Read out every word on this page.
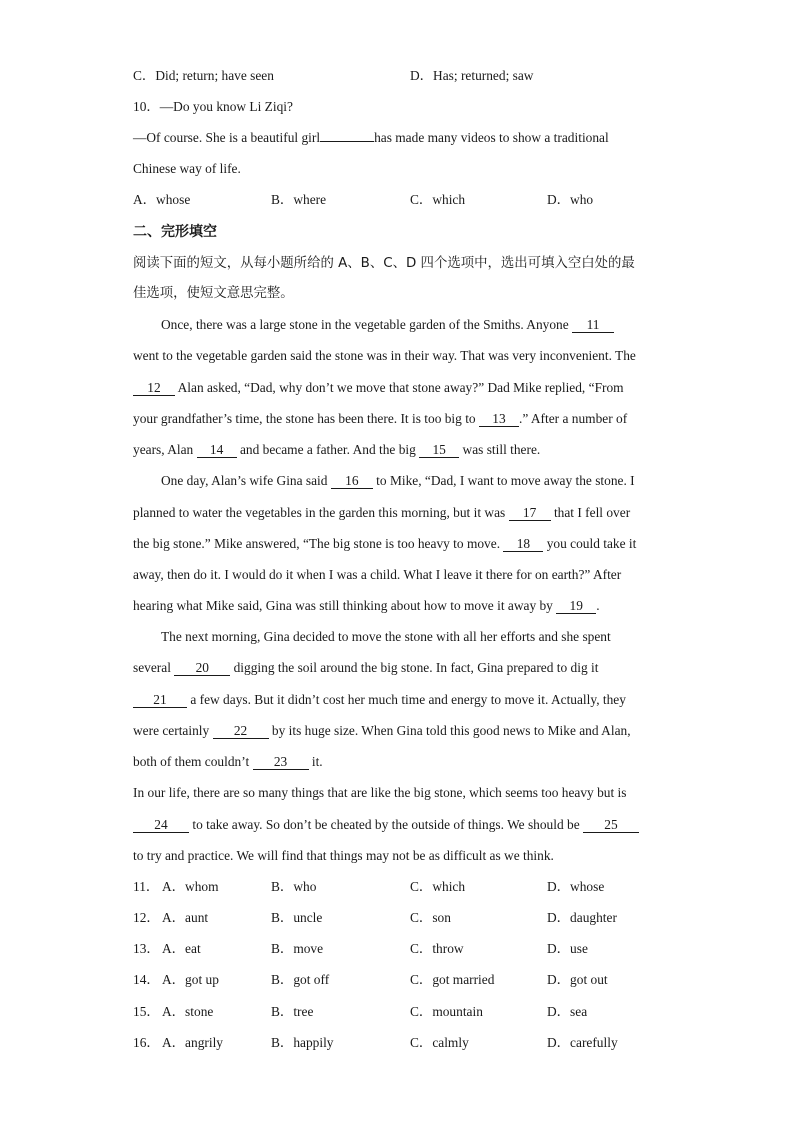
C．Did; return; have seen	D．Has; returned; saw
10．—Do you know Li Ziqi?
—Of course. She is a beautiful girl	has made many videos to show a traditional
Chinese way of life.
A．whose	B．where	C．which	D．who
二、完形填空
阅读下面的短文，从每小题所给的 A、B、C、D 四个选项中，选出可填入空白处的最
佳选项，使短文意思完整。
Once, there was a large stone in the vegetable garden of the Smiths. Anyone 11
went to the vegetable garden said the stone was in their way. That was very inconvenient. The
12 Alan asked, “Dad, why don’t we move that stone away?” Dad Mike replied, “From
your grandfather’s time, the stone has been there. It is too big to 13 .” After a number of
years, Alan 14 and became a father. And the big 15 was still there.
One day, Alan’s wife Gina said 16 to Mike, “Dad, I want to move away the stone. I
planned to water the vegetables in the garden this morning, but it was 17 that I fell over
the big stone.” Mike answered, “The big stone is too heavy to move. 18 you could take it
away, then do it. I would do it when I was a child. What I leave it there for on earth?” After
hearing what Mike said, Gina was still thinking about how to move it away by 19 .
The next morning, Gina decided to move the stone with all her efforts and she spent
several 20 digging the soil around the big stone. In fact, Gina prepared to dig it
21 a few days. But it didn’t cost her much time and energy to move it. Actually, they
were certainly 22 by its huge size. When Gina told this good news to Mike and Alan,
both of them couldn’t 23 it.
In our life, there are so many things that are like the big stone, which seems too heavy but is
24 to take away. So don’t be cheated by the outside of things. We should be 25
to try and practice. We will find that things may not be as difficult as we think.
11． A．whom	B．who	C．which	D．whose
12． A．aunt	B．uncle	C．son	D．daughter
13． A．eat	B．move	C．throw	D．use
14． A．got up	B．got off	C．got married	D．got out
15． A．stone	B．tree	C．mountain	D．sea
16． A．angrily	B．happily	C．calmly	D．carefully
